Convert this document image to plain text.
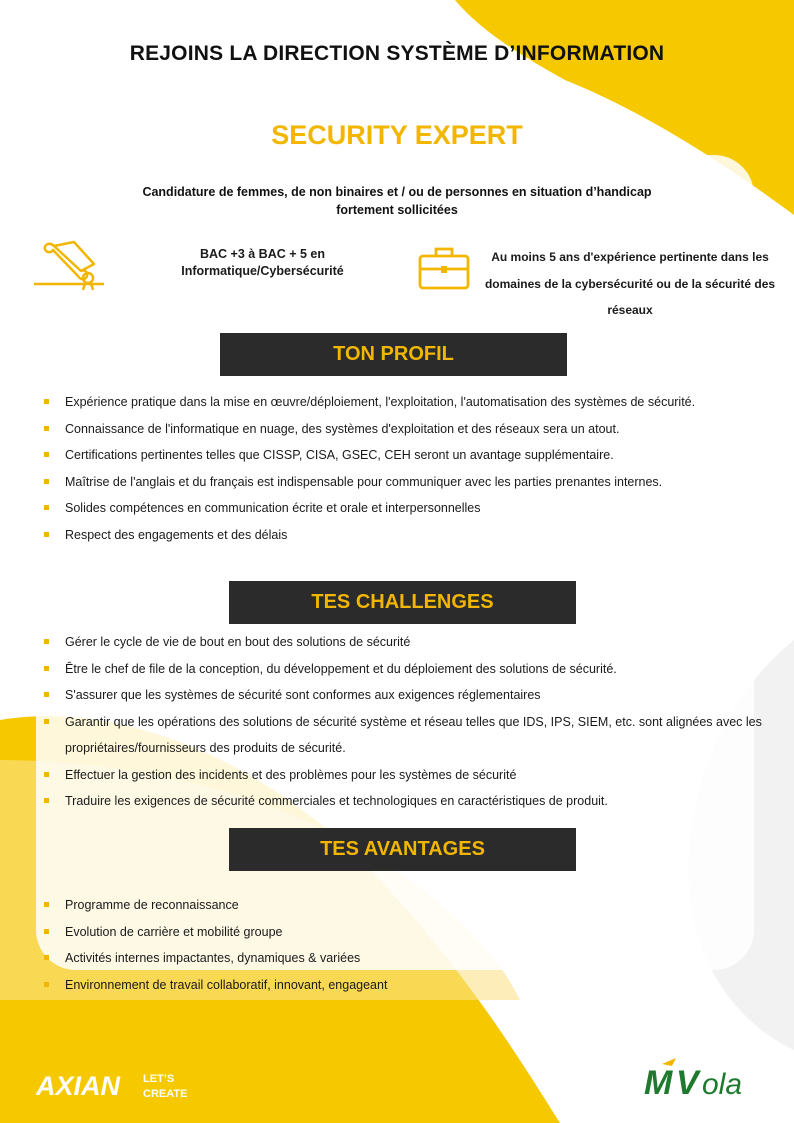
REJOINS LA DIRECTION SYSTÈME D’INFORMATION
SECURITY EXPERT
Candidature de femmes, de non binaires et / ou de personnes en situation d’handicap fortement sollicitées
BAC +3 à BAC + 5 en Informatique/Cybersécurité
Au moins 5 ans d'expérience pertinente dans les domaines de la cybersécurité ou de la sécurité des réseaux
TON PROFIL
Expérience pratique dans la mise en œuvre/déploiement, l'exploitation, l'automatisation des systèmes de sécurité.
Connaissance de l'informatique en nuage, des systèmes d'exploitation et des réseaux sera un atout.
Certifications pertinentes telles que CISSP, CISA, GSEC, CEH seront un avantage supplémentaire.
Maîtrise de l'anglais et du français est indispensable pour communiquer avec les parties prenantes internes.
Solides compétences en communication écrite et orale et interpersonnelles
Respect des engagements et des délais
TES CHALLENGES
Gérer le cycle de vie de bout en bout des solutions de sécurité
Être le chef de file de la conception, du développement et du déploiement des solutions de sécurité.
S'assurer que les systèmes de sécurité sont conformes aux exigences réglementaires
Garantir que les opérations des solutions de sécurité système et réseau telles que IDS, IPS, SIEM, etc. sont alignées avec les propriétaires/fournisseurs des produits de sécurité.
Effectuer la gestion des incidents et des problèmes pour les systèmes de sécurité
Traduire les exigences de sécurité commerciales et technologiques en caractéristiques de produit.
TES AVANTAGES
Programme de reconnaissance
Evolution de carrière et mobilité groupe
Activités internes impactantes, dynamiques & variées
Environnement de travail collaboratif, innovant, engageant
AXIAN LET’S
CREATE	M V ola
